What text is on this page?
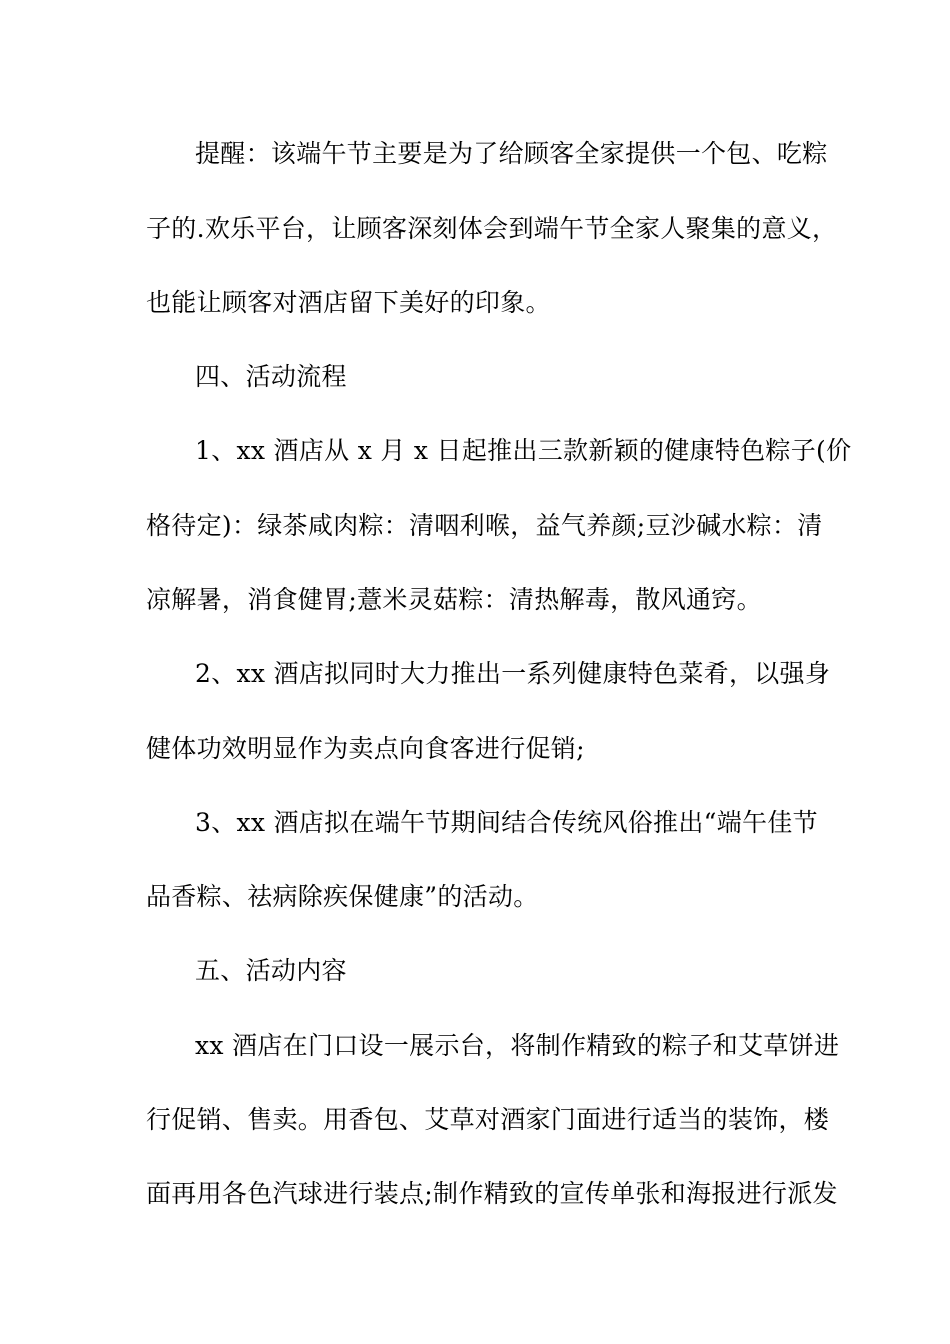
提醒：该端午节主要是为了给顾客全家提供一个包、吃粽

子的.欢乐平台，让顾客深刻体会到端午节全家人聚集的意义，

也能让顾客对酒店留下美好的印象。

四、活动流程

1、xx 酒店从 x 月 x 日起推出三款新颖的健康特色粽子(价

格待定)：绿茶咸肉粽：清咽利喉，益气养颜;豆沙碱水粽：清

凉解暑，消食健胃;薏米灵菇粽：清热解毒，散风通窍。

2、xx 酒店拟同时大力推出一系列健康特色菜肴，以强身

健体功效明显作为卖点向食客进行促销;

3、xx 酒店拟在端午节期间结合传统风俗推出“端午佳节

品香粽、祛病除疾保健康”的活动。

五、活动内容

xx 酒店在门口设一展示台，将制作精致的粽子和艾草饼进

行促销、售卖。用香包、艾草对酒家门面进行适当的装饰，楼

面再用各色汽球进行装点;制作精致的宣传单张和海报进行派发
